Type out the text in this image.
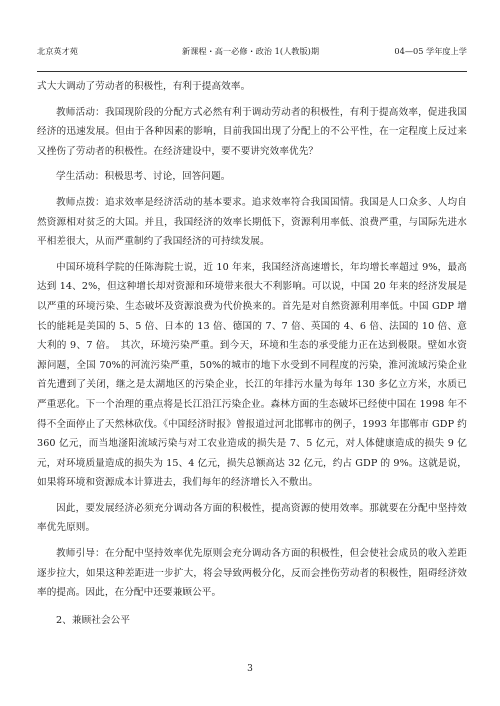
北京英才苑	新课程・高一必修・政治 1(人教版)期	04—05 学年度上学

式大大调动了劳动者的积极性，有利于提高效率。

教师活动：我国现阶段的分配方式必然有利于调动劳动者的积极性，有利于提高效率，促进我国经济的迅速发展。但由于各种因素的影响，目前我国出现了分配上的不公平性，在一定程度上反过来又挫伤了劳动者的积极性。在经济建设中，要不要讲究效率优先？

学生活动：积极思考、讨论，回答问题。

教师点拨：追求效率是经济活动的基本要求。追求效率符合我国国情。我国是人口众多、人均自然资源相对贫乏的大国。并且，我国经济的效率长期低下，资源利用率低、浪费严重，与国际先进水平相差很大，从而严重制约了我国经济的可持续发展。

中国环境科学院的任陈海院士说，近 10 年来，我国经济高速增长，年均增长率超过 9%，最高达到 14、2%，但这种增长却对资源和环境带来很大不利影响。可以说，中国 20 年来的经济发展是以严重的环境污染、生态破坏及资源浪费为代价换来的。首先是对自然资源利用率低。中国 GDP 增长的能耗是美国的 5、5 倍、日本的 13 倍、德国的 7、7 倍、英国的 4、6 倍、法国的 10 倍、意大利的 9、7 倍。　其次，环境污染严重。到今天，环境和生态的承受能力正在达到极限。壁如水资源问题，全国 70%的河流污染严重，50%的城市的地下水受到不同程度的污染，淮河流域污染企业首先遭到了关闭，继之是太湖地区的污染企业，长江的年排污水量为每年 130 多亿立方米，水质已严重恶化。下一个治理的重点将是长江沿江污染企业。森林方面的生态破坏已经使中国在 1998 年不得不全面停止了天然林砍伐。《中国经济时报》曾报道过河北邯郸市的例子，1993 年邯郸市 GDP 约 360 亿元，而当地滏阳流域污染与对工农业造成的损失是 7、5 亿元，对人体健康造成的损失 9 亿元，对环境质量造成的损失为 15、4 亿元，损失总额高达 32 亿元，约占 GDP 的 9%。这就是说，如果将环境和资源成本计算进去，我们每年的经济增长入不敷出。

因此，要发展经济必须充分调动各方面的积极性，提高资源的使用效率。那就要在分配中坚持效率优先原则。

教师引导：在分配中坚持效率优先原则会充分调动各方面的积极性，但会使社会成员的收入差距逐步拉大，如果这种差距进一步扩大，将会导致两极分化，反而会挫伤劳动者的积极性，阻碍经济效率的提高。因此，在分配中还要兼顾公平。

2、兼顾社会公平

3
